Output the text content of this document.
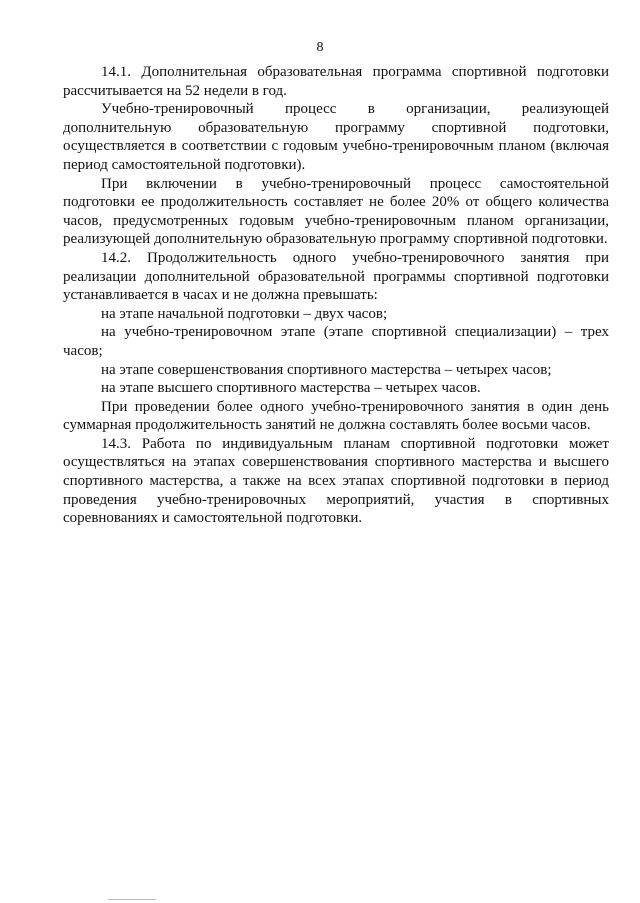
8

14.1. Дополнительная образовательная программа спортивной подготовки рассчитывается на 52 недели в год.

Учебно-тренировочный процесс в организации, реализующей дополнительную образовательную программу спортивной подготовки, осуществляется в соответствии с годовым учебно-тренировочным планом (включая период самостоятельной подготовки).

При включении в учебно-тренировочный процесс самостоятельной подготовки ее продолжительность составляет не более 20% от общего количества часов, предусмотренных годовым учебно-тренировочным планом организации, реализующей дополнительную образовательную программу спортивной подготовки.

14.2. Продолжительность одного учебно-тренировочного занятия при реализации дополнительной образовательной программы спортивной подготовки устанавливается в часах и не должна превышать:

на этапе начальной подготовки – двух часов;

на учебно-тренировочном этапе (этапе спортивной специализации) – трех часов;

на этапе совершенствования спортивного мастерства – четырех часов;

на этапе высшего спортивного мастерства – четырех часов.

При проведении более одного учебно-тренировочного занятия в один день суммарная продолжительность занятий не должна составлять более восьми часов.

14.3. Работа по индивидуальным планам спортивной подготовки может осуществляться на этапах совершенствования спортивного мастерства и высшего спортивного мастерства, а также на всех этапах спортивной подготовки в период проведения учебно-тренировочных мероприятий, участия в спортивных соревнованиях и самостоятельной подготовки.
